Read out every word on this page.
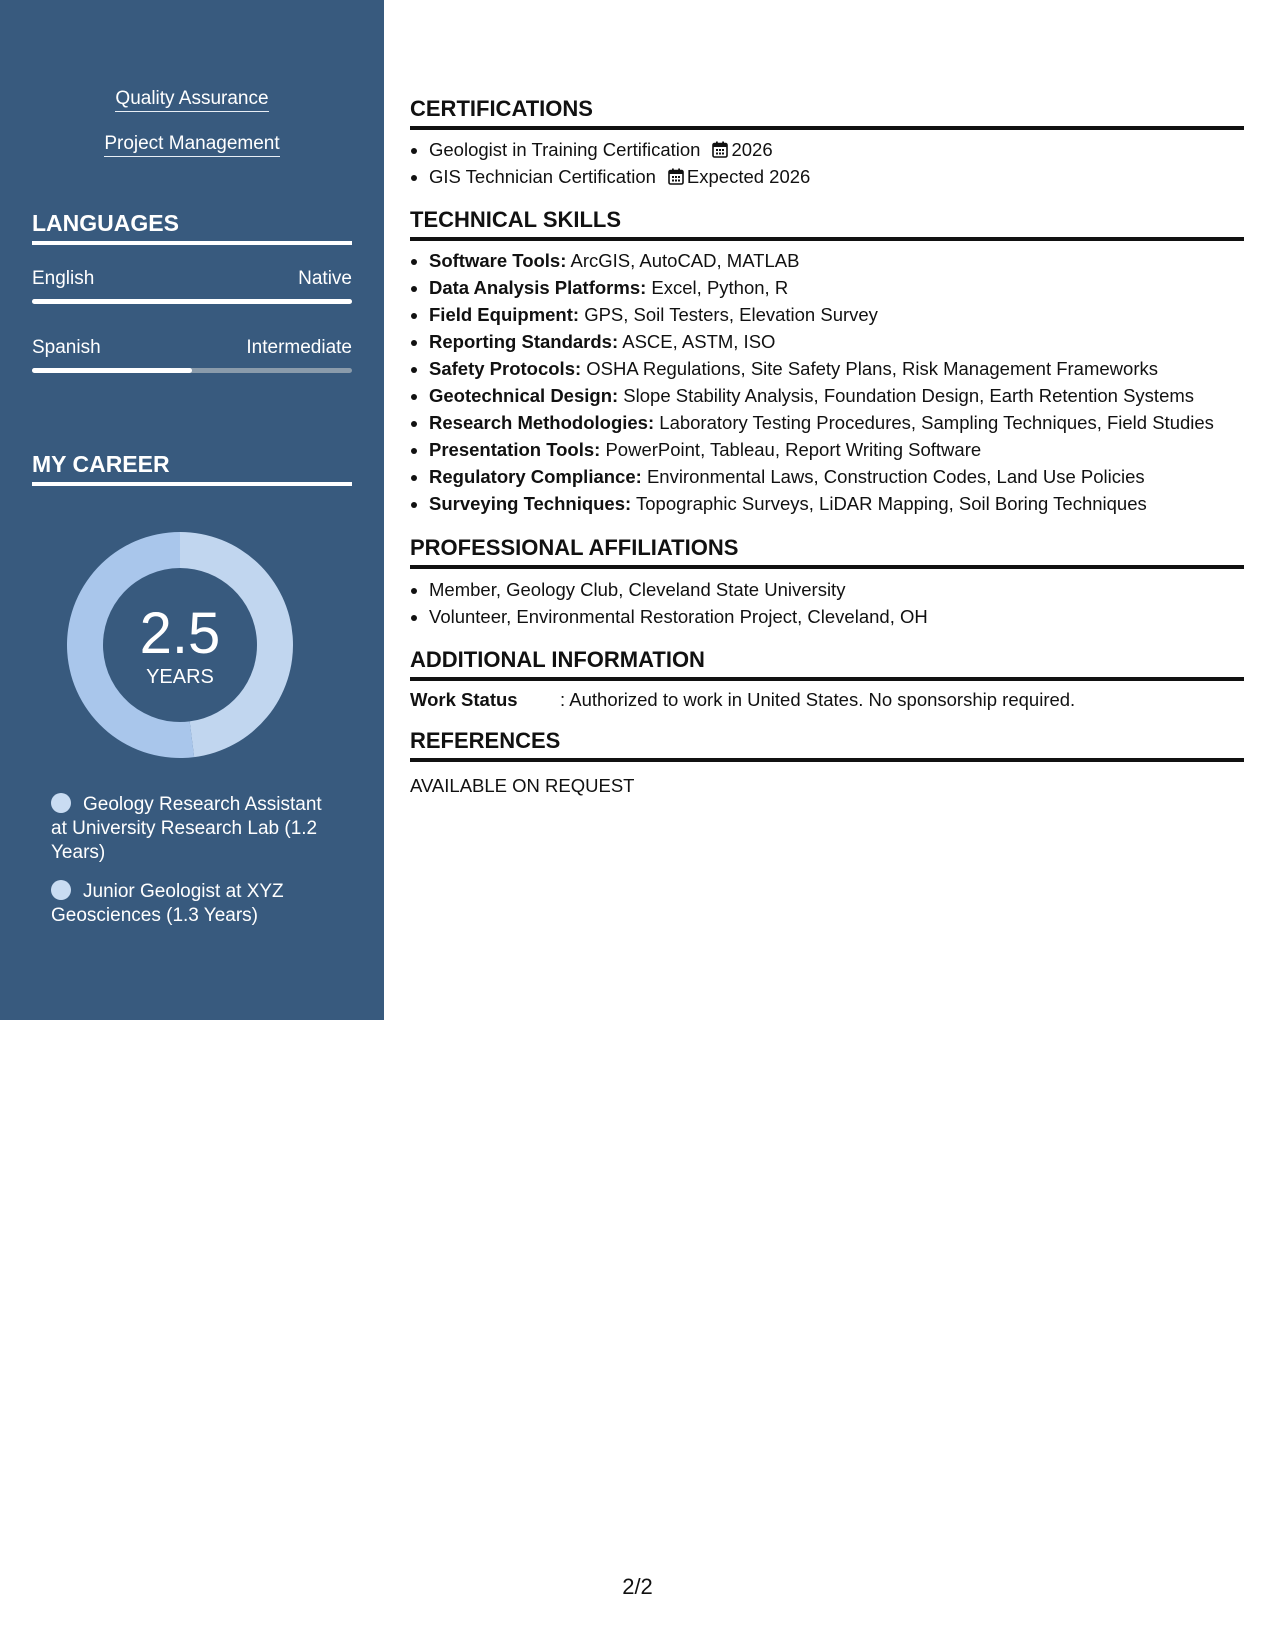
Quality Assurance
Project Management
LANGUAGES
English	Native
Spanish	Intermediate
MY CAREER
2.5
YEARS
Geology Research Assistant at University Research Lab (1.2 Years)
Junior Geologist at XYZ Geosciences (1.3 Years)
CERTIFICATIONS
• Geologist in Training Certification 2026
• GIS Technician Certification Expected 2026
TECHNICAL SKILLS
• Software Tools: ArcGIS, AutoCAD, MATLAB
• Data Analysis Platforms: Excel, Python, R
• Field Equipment: GPS, Soil Testers, Elevation Survey
• Reporting Standards: ASCE, ASTM, ISO
• Safety Protocols: OSHA Regulations, Site Safety Plans, Risk Management Frameworks
• Geotechnical Design: Slope Stability Analysis, Foundation Design, Earth Retention Systems
• Research Methodologies: Laboratory Testing Procedures, Sampling Techniques, Field Studies
• Presentation Tools: PowerPoint, Tableau, Report Writing Software
• Regulatory Compliance: Environmental Laws, Construction Codes, Land Use Policies
• Surveying Techniques: Topographic Surveys, LiDAR Mapping, Soil Boring Techniques
PROFESSIONAL AFFILIATIONS
• Member, Geology Club, Cleveland State University
• Volunteer, Environmental Restoration Project, Cleveland, OH
ADDITIONAL INFORMATION
Work Status : Authorized to work in United States. No sponsorship required.
REFERENCES
AVAILABLE ON REQUEST
2/2
